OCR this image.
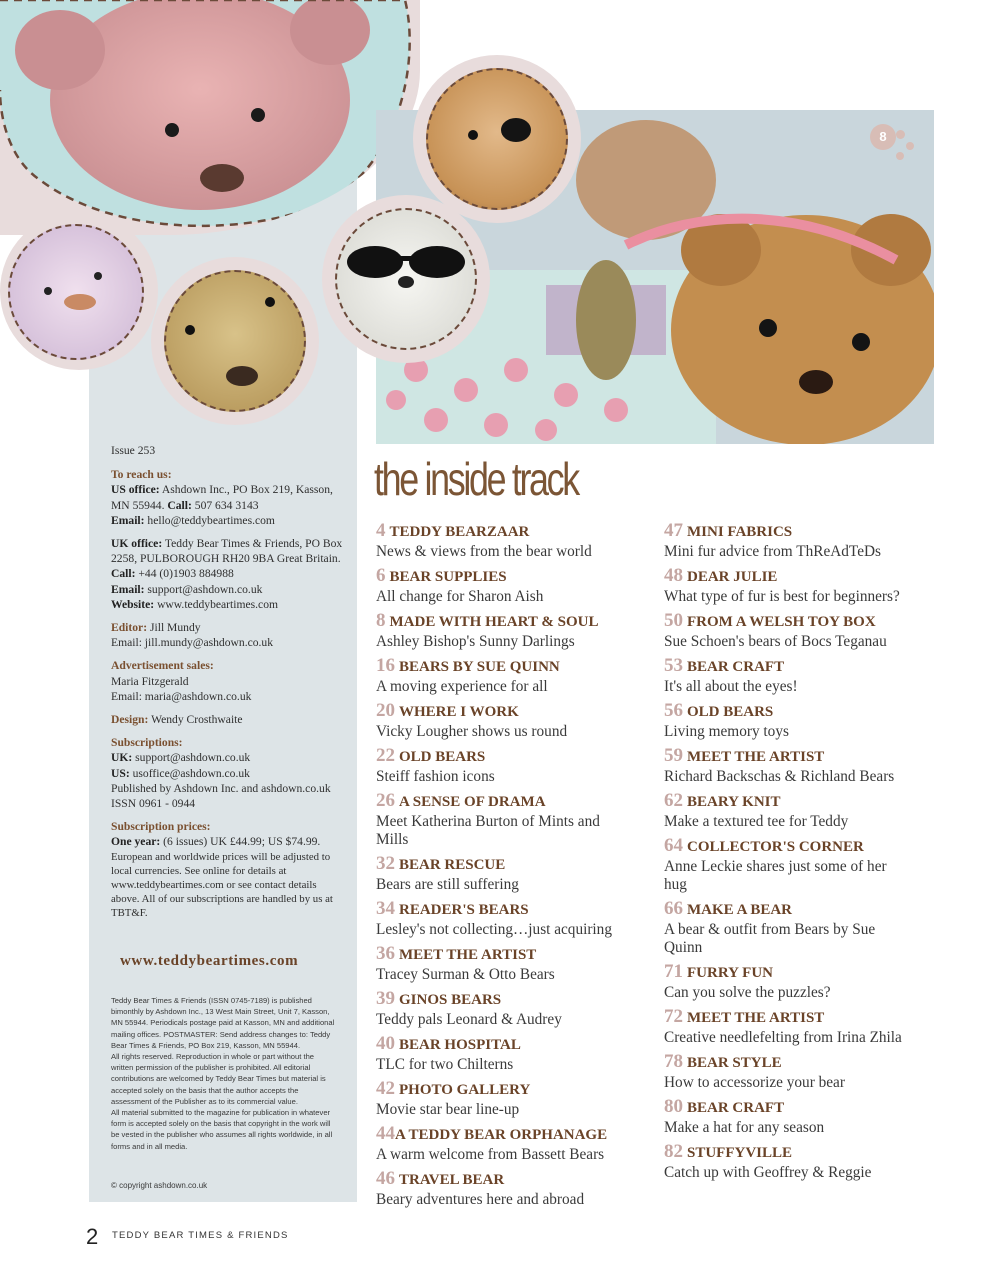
8

Issue 253

To reach us:
US office: Ashdown Inc., PO Box 219, Kasson, MN 55944. Call: 507 634 3143
Email: hello@teddybeartimes.com

UK office: Teddy Bear Times & Friends, PO Box 2258, PULBOROUGH RH20 9BA Great Britain. Call: +44 (0)1903 884988
Email: support@ashdown.co.uk
Website: www.teddybeartimes.com

Editor: Jill Mundy
Email: jill.mundy@ashdown.co.uk

Advertisement sales:
Maria Fitzgerald
Email: maria@ashdown.co.uk

Design: Wendy Crosthwaite

Subscriptions:
UK: support@ashdown.co.uk
US: usoffice@ashdown.co.uk
Published by Ashdown Inc. and ashdown.co.uk ISSN 0961 - 0944

Subscription prices:
One year: (6 issues) UK £44.99; US $74.99.
European and worldwide prices will be adjusted to local currencies. See online for details at www.teddybeartimes.com or see contact details above. All of our subscriptions are handled by us at TBT&F.

www.teddybeartimes.com

Teddy Bear Times & Friends (ISSN 0745-7189) is published bimonthly by Ashdown Inc., 13 West Main Street, Unit 7, Kasson, MN 55944. Periodicals postage paid at Kasson, MN and additional mailing offices. POSTMASTER: Send address changes to: Teddy Bear Times & Friends, PO Box 219, Kasson, MN 55944.

All rights reserved. Reproduction in whole or part without the written permission of the publisher is prohibited. All editorial contributions are welcomed by Teddy Bear Times but material is accepted solely on the basis that the author accepts the assessment of the Publisher as to its commercial value.

All material submitted to the magazine for publication in whatever form is accepted solely on the basis that copyright in the work will be vested in the publisher who assumes all rights worldwide, in all forms and in all media.

© copyright ashdown.co.uk
the inside track
4 TEDDY BEARZAAR
News & views from the bear world
6 BEAR SUPPLIES
All change for Sharon Aish
8 MADE WITH HEART & SOUL
Ashley Bishop's Sunny Darlings
16 BEARS BY SUE QUINN
A moving experience for all
20 WHERE I WORK
Vicky Lougher shows us round
22 OLD BEARS
Steiff fashion icons
26 A SENSE OF DRAMA
Meet Katherina Burton of Mints and Mills
32 BEAR RESCUE
Bears are still suffering
34 READER'S BEARS
Lesley's not collecting…just acquiring
36 MEET THE ARTIST
Tracey Surman & Otto Bears
39 GINOS BEARS
Teddy pals Leonard & Audrey
40 BEAR HOSPITAL
TLC for two Chilterns
42 PHOTO GALLERY
Movie star bear line-up
44A TEDDY BEAR ORPHANAGE
A warm welcome from Bassett Bears
46 TRAVEL BEAR
Beary adventures here and abroad
47 MINI FABRICS
Mini fur advice from ThReAdTeDs
48 DEAR JULIE
What type of fur is best for beginners?
50 FROM A WELSH TOY BOX
Sue Schoen's bears of Bocs Teganau
53 BEAR CRAFT
It's all about the eyes!
56 OLD BEARS
Living memory toys
59 MEET THE ARTIST
Richard Backschas & Richland Bears
62 BEARY KNIT
Make a textured tee for Teddy
64 COLLECTOR'S CORNER
Anne Leckie shares just some of her hug
66 MAKE A BEAR
A bear & outfit from Bears by Sue Quinn
71 FURRY FUN
Can you solve the puzzles?
72 MEET THE ARTIST
Creative needlefelting from Irina Zhila
78 BEAR STYLE
How to accessorize your bear
80 BEAR CRAFT
Make a hat for any season
82 STUFFYVILLE
Catch up with Geoffrey & Reggie
2 TEDDY BEAR TIMES & FRIENDS
